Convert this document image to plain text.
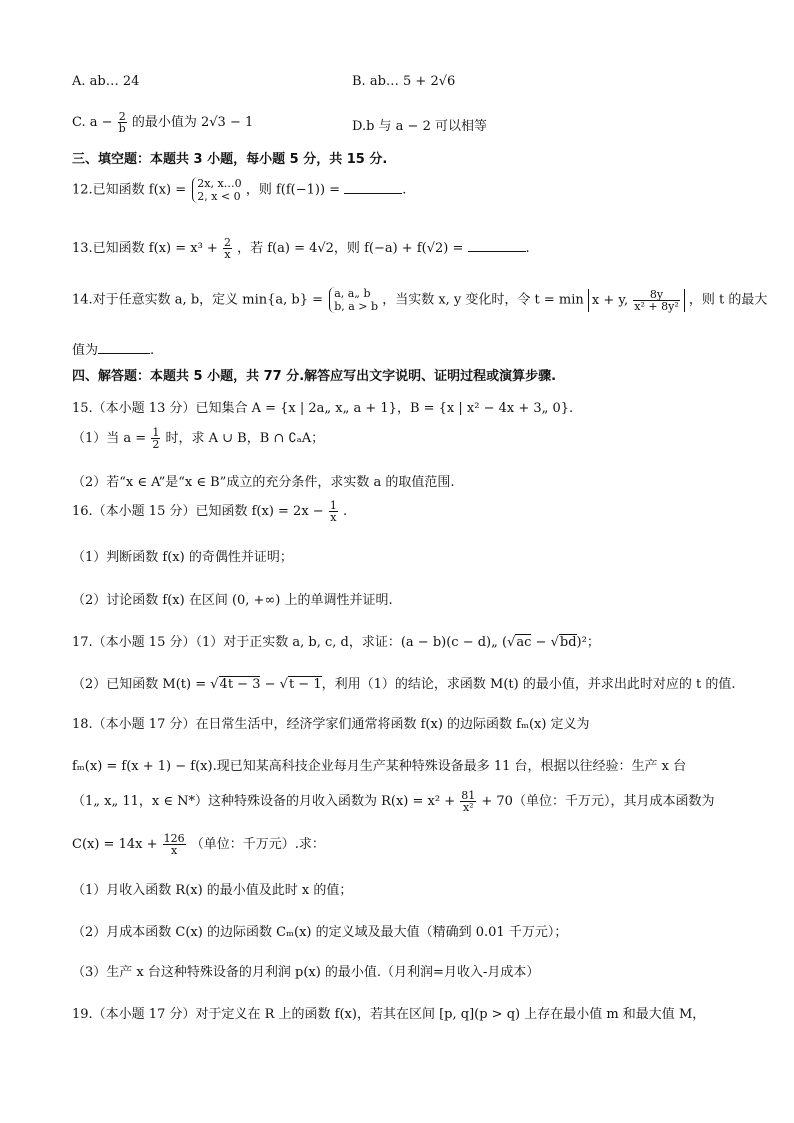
A. ab… 24	B. ab… 5 + 2√6
C. $a - \frac{2}{b}$ 的最小值为 2√3 − 1	D.b 与 a − 2 可以相等
三、填空题：本题共 3 小题，每小题 5 分，共 15 分.
12.已知函数 f(x) = 2x, x…0
2, x < 0 ，则 f(f(−1)) =	.
13.已知函数 $f(x) = x^3 + \frac{2}{x}$ ，若 f(a) = 4√2，则 f(−a) + f(√2) =	.
14.对于任意实数 a, b，定义 min{a, b} = a, a„ b
b, a > b ，当实数 x, y 变化时，令 t = min x + y, $\frac{8y}{\text{x² + 8y²}}$ ，则 t 的最大
值为	.
四、解答题：本题共 5 小题，共 77 分.解答应写出文字说明、证明过程或演算步骤.
15.（本小题 13 分）已知集合 A = {x | 2a„ x„ a + 1}，B = {x | x² − 4x + 3„ 0}.
（1）当 $a = \frac{1}{2}$ 时，求 A ∪ B，B ∩ ∁ₐA；
（2）若“x ∈ A”是“x ∈ B”成立的充分条件，求实数 a 的取值范围.
16.（本小题 15 分）已知函数 $f(x) = 2x - \frac{1}{x}$ .
（1）判断函数 f(x) 的奇偶性并证明；
（2）讨论函数 f(x) 在区间 (0, +∞) 上的单调性并证明.
17.（本小题 15 分）（1）对于正实数 a, b, c, d，求证：(a − b)(c − d)„ (√ac − √bd)²；
（2）已知函数 M(t) = √4t − 3 − √t − 1，利用（1）的结论，求函数 M(t) 的最小值，并求出此时对应的 t 的值.
18.（本小题 17 分）在日常生活中，经济学家们通常将函数 f(x) 的边际函数 fₘ(x) 定义为
fₘ(x) = f(x + 1) − f(x).现已知某高科技企业每月生产某种特殊设备最多 11 台，根据以往经验：生产 x 台
（1„ x„ 11，x ∈ N*）这种特殊设备的月收入函数为 $R(x) = x^2 + \frac{81}{\text{x²}} + 70$（单位：千万元），其月成本函数为
$C(x) = 14x + \frac{126}{x}$ （单位：千万元）.求：
（1）月收入函数 R(x) 的最小值及此时 x 的值；
（2）月成本函数 C(x) 的边际函数 Cₘ(x) 的定义域及最大值（精确到 0.01 千万元）；
（3）生产 x 台这种特殊设备的月利润 p(x) 的最小值.（月利润=月收入-月成本）
19.（本小题 17 分）对于定义在 R 上的函数 f(x)，若其在区间 [p, q](p > q) 上存在最小值 m 和最大值 M，
